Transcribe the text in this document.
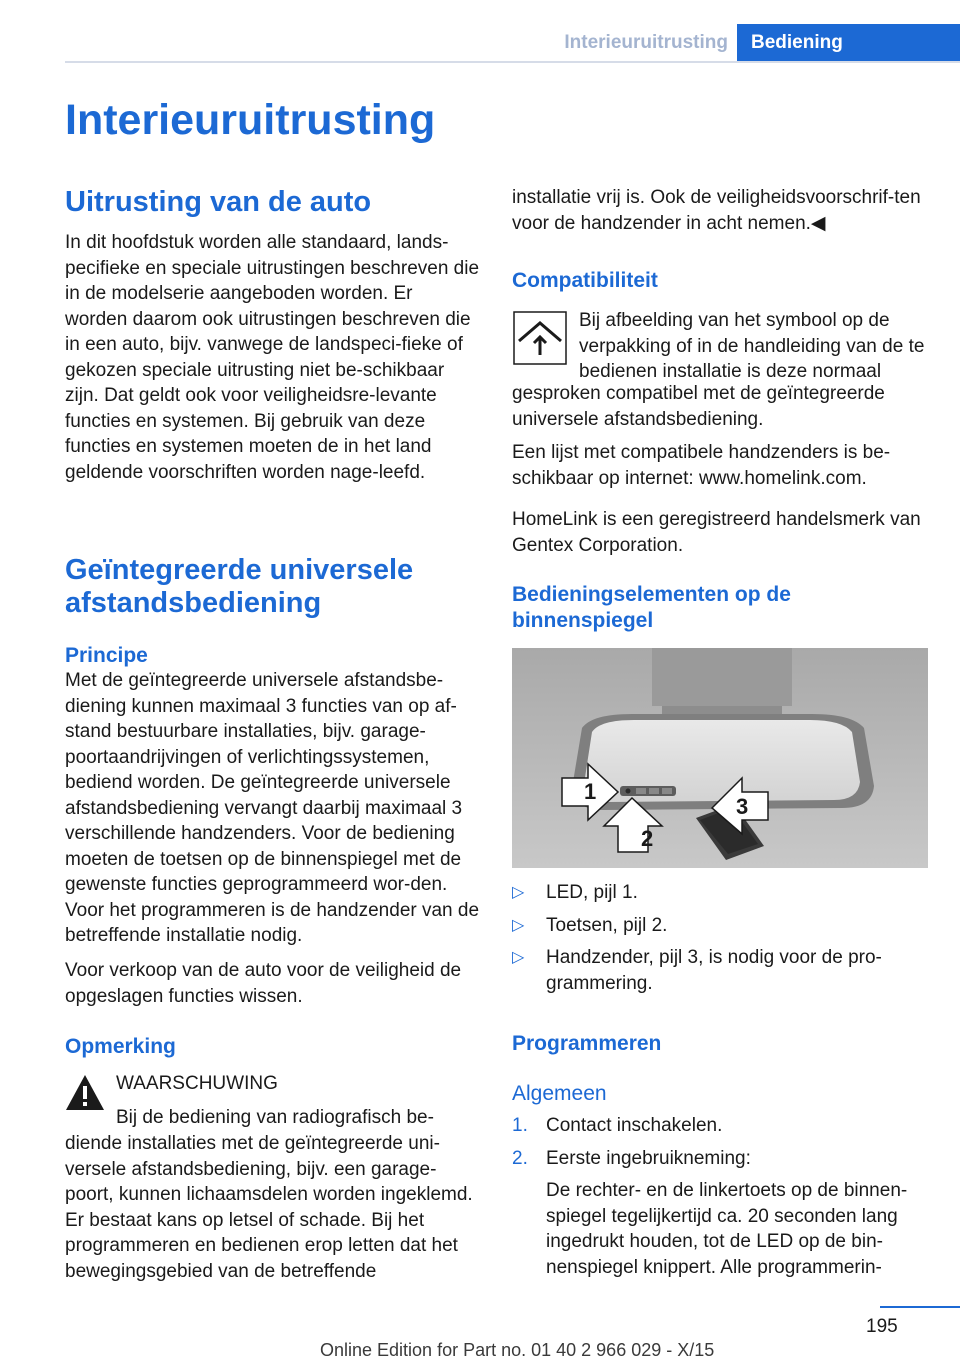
Interieuruitrusting	Bediening
Interieuruitrusting
Uitrusting van de auto

In dit hoofdstuk worden alle standaard, lands-pecifieke en speciale uitrustingen beschreven die in de modelserie aangeboden worden. Er worden daarom ook uitrustingen beschreven die in een auto, bijv. vanwege de landspeci-fieke of gekozen speciale uitrusting niet be-schikbaar zijn. Dat geldt ook voor veiligheidsre-levante functies en systemen. Bij gebruik van deze functies en systemen moeten de in het land geldende voorschriften worden nage-leefd.

Geïntegreerde universele afstandsbediening
Principe

Met de geïntegreerde universele afstandsbe-diening kunnen maximaal 3 functies van op af-stand bestuurbare installaties, bijv. garage-poortaandrijvingen of verlichtingssystemen, bediend worden. De geïntegreerde universele afstandsbediening vervangt daarbij maximaal 3 verschillende handzenders. Voor de bediening moeten de toetsen op de binnenspiegel met de gewenste functies geprogrammeerd wor-den. Voor het programmeren is de handzender van de betreffende installatie nodig.

Voor verkoop van de auto voor de veiligheid de opgeslagen functies wissen.

Opmerking

WAARSCHUWING

Bij de bediening van radiografisch be-

diende installaties met de geïntegreerde uni-versele afstandsbediening, bijv. een garage-poort, kunnen lichaamsdelen worden ingeklemd. Er bestaat kans op letsel of schade. Bij het programmeren en bedienen erop letten dat het bewegingsgebied van de betreffende

installatie vrij is. Ook de veiligheidsvoorschrif-ten voor de handzender in acht nemen.◀

Compatibiliteit

Bij afbeelding van het symbool op de verpakking of in de handleiding van de te bedienen installatie is deze normaal

gesproken compatibel met de geïntegreerde universele afstandsbediening.

Een lijst met compatibele handzenders is be-schikbaar op internet: www.homelink.com.

HomeLink is een geregistreerd handelsmerk van Gentex Corporation.

Bedieningselementen op de binnenspiegel
1
2
3
▷ LED, pijl 1.
▷ Toetsen, pijl 2.
▷ Handzender, pijl 3, is nodig voor de pro-grammering.
Programmeren
Algemeen
1. Contact inschakelen.
2. Eerste ingebruikneming:

De rechter- en de linkertoets op de binnen-spiegel tegelijkertijd ca. 20 seconden lang ingedrukt houden, tot de LED op de bin-nenspiegel knippert. Alle programmerin-

195
Online Edition for Part no. 01 40 2 966 029 - X/15
